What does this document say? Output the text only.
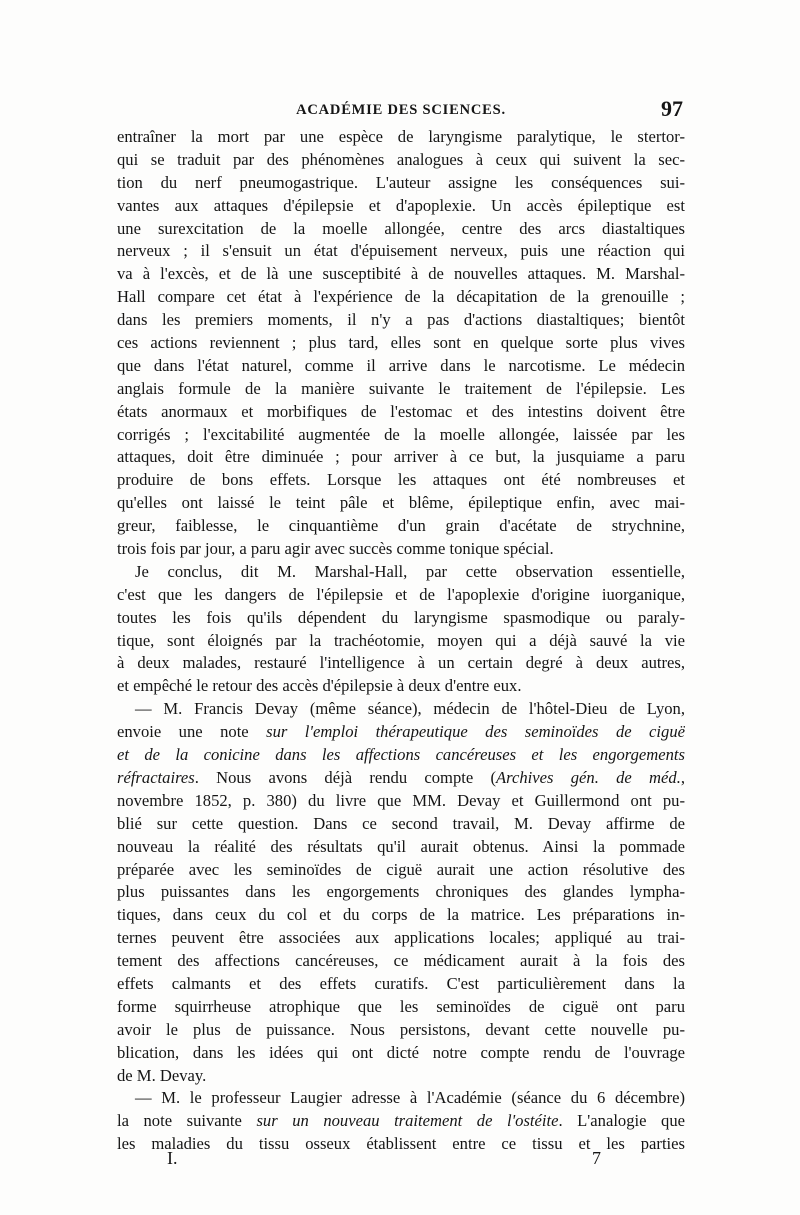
ACADÉMIE DES SCIENCES.	97
entraîner la mort par une espèce de laryngisme paralytique, le stertor-
qui se traduit par des phénomènes analogues à ceux qui suivent la sec-
tion du nerf pneumogastrique. L'auteur assigne les conséquences sui-
vantes aux attaques d'épilepsie et d'apoplexie. Un accès épileptique est
une surexcitation de la moelle allongée, centre des arcs diastaltiques
nerveux ; il s'ensuit un état d'épuisement nerveux, puis une réaction qui
va à l'excès, et de là une susceptibité à de nouvelles attaques. M. Marshal-
Hall compare cet état à l'expérience de la décapitation de la grenouille ;
dans les premiers moments, il n'y a pas d'actions diastaltiques; bientôt
ces actions reviennent ; plus tard, elles sont en quelque sorte plus vives
que dans l'état naturel, comme il arrive dans le narcotisme. Le médecin
anglais formule de la manière suivante le traitement de l'épilepsie. Les
états anormaux et morbifiques de l'estomac et des intestins doivent être
corrigés ; l'excitabilité augmentée de la moelle allongée, laissée par les
attaques, doit être diminuée ; pour arriver à ce but, la jusquiame a paru
produire de bons effets. Lorsque les attaques ont été nombreuses et
qu'elles ont laissé le teint pâle et blême, épileptique enfin, avec mai-
greur, faiblesse, le cinquantième d'un grain d'acétate de strychnine,
trois fois par jour, a paru agir avec succès comme tonique spécial.
Je conclus, dit M. Marshal-Hall, par cette observation essentielle,
c'est que les dangers de l'épilepsie et de l'apoplexie d'origine iuorganique,
toutes les fois qu'ils dépendent du laryngisme spasmodique ou paraly-
tique, sont éloignés par la trachéotomie, moyen qui a déjà sauvé la vie
à deux malades, restauré l'intelligence à un certain degré à deux autres,
et empêché le retour des accès d'épilepsie à deux d'entre eux.
— M. Francis Devay (même séance), médecin de l'hôtel-Dieu de Lyon,
envoie une note sur l'emploi thérapeutique des seminoïdes de ciguë
et de la conicine dans les affections cancéreuses et les engorgements
réfractaires. Nous avons déjà rendu compte (Archives gén. de méd.,
novembre 1852, p. 380) du livre que MM. Devay et Guillermond ont pu-
blié sur cette question. Dans ce second travail, M. Devay affirme de
nouveau la réalité des résultats qu'il aurait obtenus. Ainsi la pommade
préparée avec les seminoïdes de ciguë aurait une action résolutive des
plus puissantes dans les engorgements chroniques des glandes lympha-
tiques, dans ceux du col et du corps de la matrice. Les préparations in-
ternes peuvent être associées aux applications locales; appliqué au trai-
tement des affections cancéreuses, ce médicament aurait à la fois des
effets calmants et des effets curatifs. C'est particulièrement dans la
forme squirrheuse atrophique que les seminoïdes de ciguë ont paru
avoir le plus de puissance. Nous persistons, devant cette nouvelle pu-
blication, dans les idées qui ont dicté notre compte rendu de l'ouvrage
de M. Devay.
— M. le professeur Laugier adresse à l'Académie (séance du 6 décembre)
la note suivante sur un nouveau traitement de l'ostéite. L'analogie que
les maladies du tissu osseux établissent entre ce tissu et les parties
I.	7
